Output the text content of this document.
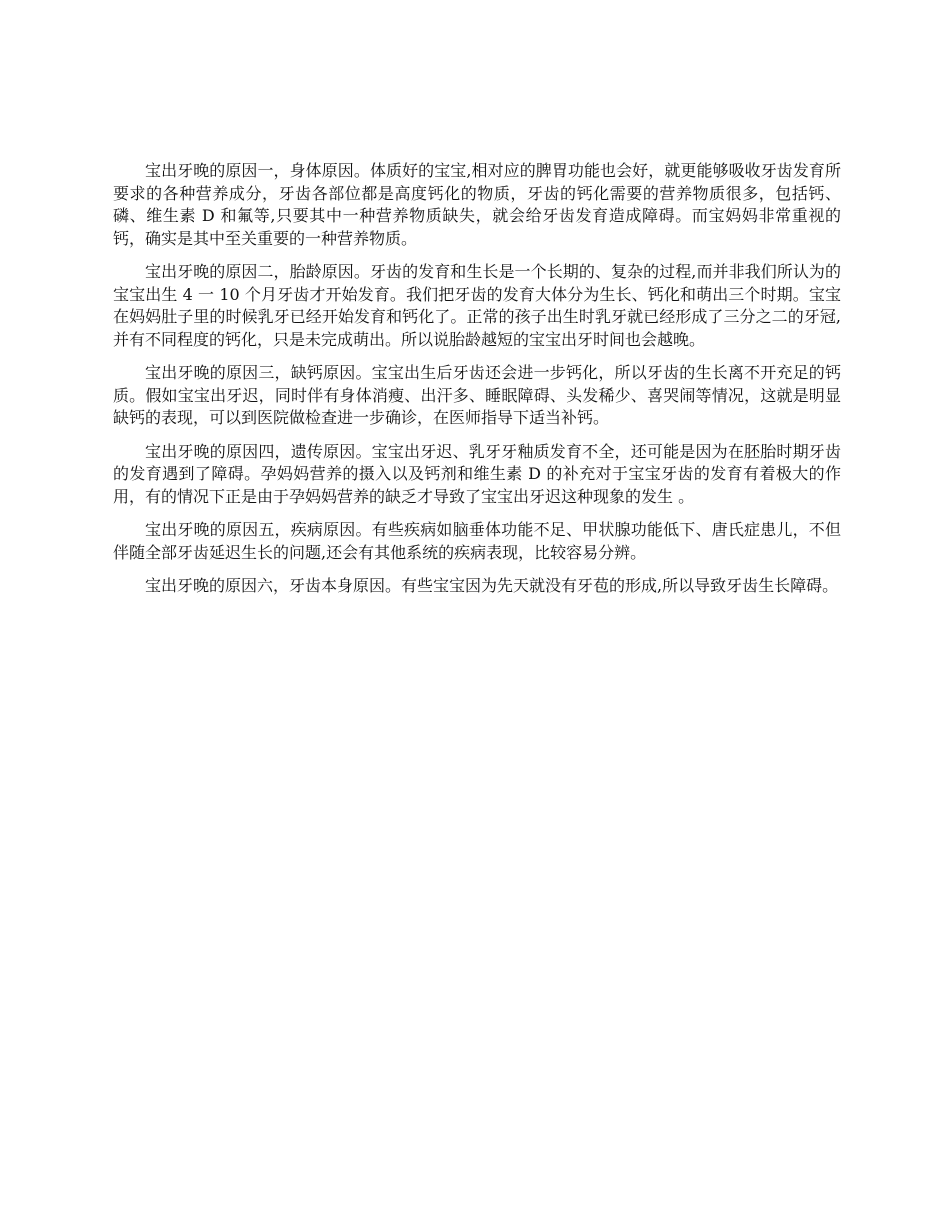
宝出牙晚的原因一，身体原因。体质好的宝宝,相对应的脾胃功能也会好，就更能够吸收牙齿发育所要求的各种营养成分，牙齿各部位都是高度钙化的物质，牙齿的钙化需要的营养物质很多，包括钙、磷、维生素 D 和氟等,只要其中一种营养物质缺失，就会给牙齿发育造成障碍。而宝妈妈非常重视的钙，确实是其中至关重要的一种营养物质。

宝出牙晚的原因二，胎龄原因。牙齿的发育和生长是一个长期的、复杂的过程,而并非我们所认为的宝宝出生 4 一 10 个月牙齿才开始发育。我们把牙齿的发育大体分为生长、钙化和萌出三个时期。宝宝在妈妈肚子里的时候乳牙已经开始发育和钙化了。正常的孩子出生时乳牙就已经形成了三分之二的牙冠,并有不同程度的钙化，只是未完成萌出。所以说胎龄越短的宝宝出牙时间也会越晚。

宝出牙晚的原因三，缺钙原因。宝宝出生后牙齿还会进一步钙化，所以牙齿的生长离不开充足的钙质。假如宝宝出牙迟，同时伴有身体消瘦、出汗多、睡眠障碍、头发稀少、喜哭闹等情况，这就是明显缺钙的表现，可以到医院做检查进一步确诊，在医师指导下适当补钙。

宝出牙晚的原因四，遗传原因。宝宝出牙迟、乳牙牙釉质发育不全，还可能是因为在胚胎时期牙齿的发育遇到了障碍。孕妈妈营养的摄入以及钙剂和维生素 D 的补充对于宝宝牙齿的发育有着极大的作用，有的情况下正是由于孕妈妈营养的缺乏才导致了宝宝出牙迟这种现象的发生 。

宝出牙晚的原因五，疾病原因。有些疾病如脑垂体功能不足、甲状腺功能低下、唐氏症患儿，不但伴随全部牙齿延迟生长的问题,还会有其他系统的疾病表现，比较容易分辨。

宝出牙晚的原因六，牙齿本身原因。有些宝宝因为先天就没有牙苞的形成,所以导致牙齿生长障碍。
